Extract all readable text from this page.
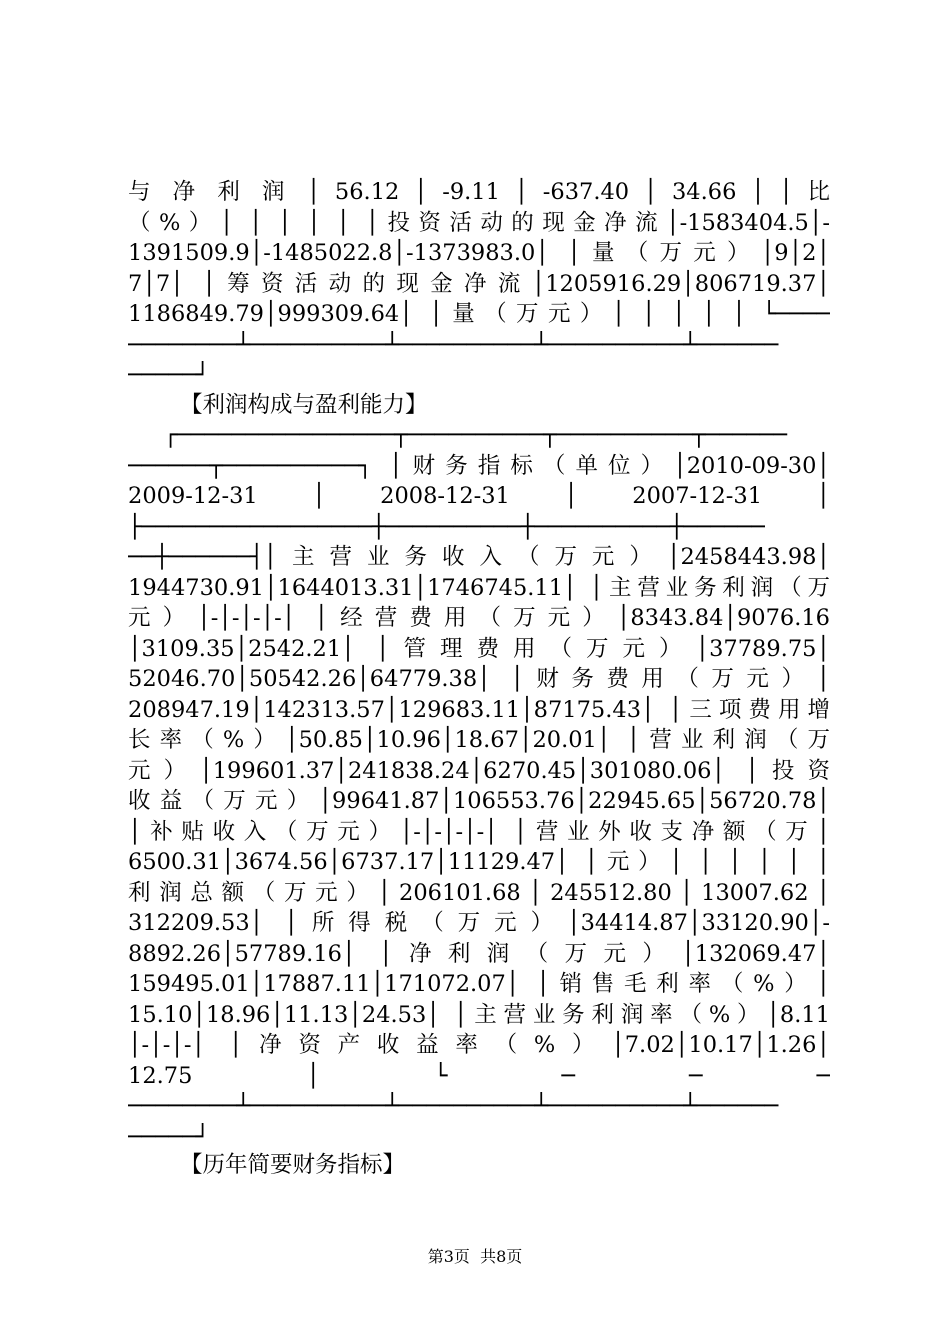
与 净 利 润 │ 56.12 │ -9.11 │ -637.40 │ 34.66 │ │ 比
（%）│ │ │ │ │ │投资活动的现金净流│-1583404.5│-
1391509.9│-1485022.8│-1373983.0│ │量（万元）│9│2│
7│7│ │筹资活动的现金净流│1205916.29│806719.37│
1186849.79│999309.64│ │量（万元）│ │ │ │ │ └────
────────┴──────────┴──────────┴──────────┴──────
─────┘
【利润构成与盈利能力】
┌────────────────┬──────────┬──────────┬──────
──────┬──────────┐ │财务指标（单位）│2010-09-30│
2009-12-31 │ 2008-12-31 │ 2007-12-31 │
├─────────────────┼──────────┼──────────┼──────
──┼──────┤│主营业务收入（万元）│2458443.98│
1944730.91│1644013.31│1746745.11│ │主营业务利润（万
元）│-│-│-│-│ │经营费用（万元）│8343.84│9076.16
│3109.35│2542.21│ │管理费用（万元）│37789.75│
52046.70│50542.26│64779.38│ │财务费用（万元）│
208947.19│142313.57│129683.11│87175.43│ │三项费用增
长率（%）│50.85│10.96│18.67│20.01│ │营业利润（万
元）│199601.37│241838.24│6270.45│301080.06│ │投资
收益（万元）│99641.87│106553.76│22945.65│56720.78│
│补贴收入（万元）│-│-│-│-│ │营业外收支净额（万│
6500.31│3674.56│6737.17│11129.47│ │元）│ │ │ │ │ │
利 润 总 额 （ 万 元 ） │ 206101.68 │ 245512.80 │ 13007.62 │
312209.53│ │所得税（万元）│34414.87│33120.90│-
8892.26│57789.16│ │净利润（万元）│132069.47│
159495.01│17887.11│171072.07│ │销售毛利率（%）│
15.10│18.96│11.13│24.53│ │主营业务利润率（%）│8.11
│-│-│-│ │净资产收益率（%）│7.02│10.17│1.26│
12.75 │ └ ─ ─ ─
────────┴──────────┴──────────┴──────────┴──────
─────┘
【历年简要财务指标】
第3页  共8页
